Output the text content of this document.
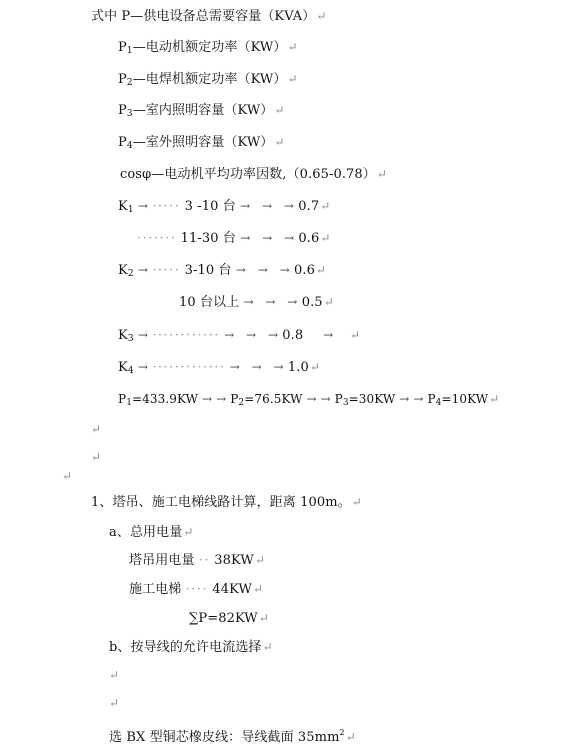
式中 P—供电设备总需要容量（KVA）↵
$P_1—$电动机额定功率（KW）↵
$P_2—$电焊机额定功率（KW）↵
$P_3—$室内照明容量（KW）↵
$P_4—$室外照明容量（KW）↵
cosφ—电动机平均功率因数,（0.65-0.78）↵
$K_1$ → ····· 3 -10 台 →   →   → 0.7↵
······· 11-30 台 →   →   → 0.6↵
$K_2$ → ····· 3-10 台 →   →   → 0.6↵
10 台以上 →   →   → 0.5↵
$K_3$ → ············ →   →   → 0.8     →    ↵
$K_4$ → ············· →   →   → 1.0↵
$P_1=433.9KW$ → → $P_2=76.5KW$ → → $P_3=30KW$ → → $P_4=10KW↵$
↵
↵
↵
1、塔吊、施工电梯线路计算，距离 100m。↵
a、总用电量↵
塔吊用电量 ·· 38KW↵
施工电梯 ···· 44KW↵
∑P=82KW↵
b、按导线的允许电流选择↵
↵
↵
选 BX 型铜芯橡皮线：导线截面 $35mm^2↵$
